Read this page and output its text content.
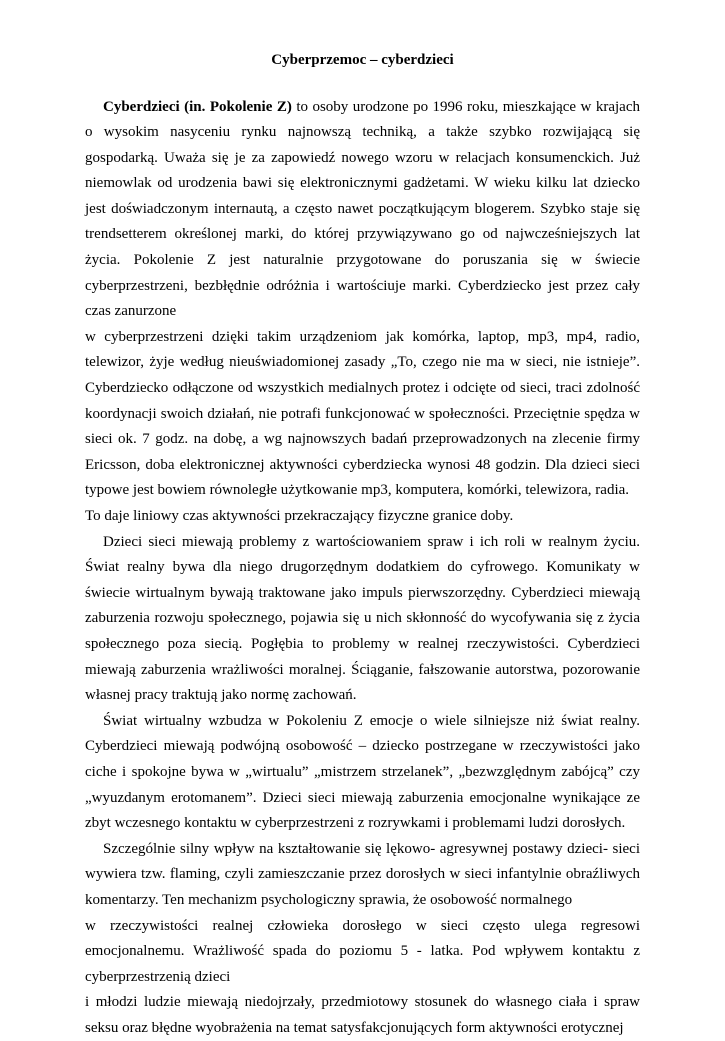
Cyberprzemoc – cyberdzieci

Cyberdzieci (in. Pokolenie Z) to osoby urodzone po 1996 roku, mieszkające w krajach o wysokim nasyceniu rynku najnowszą techniką, a także szybko rozwijającą się gospodarką. Uważa się je za zapowiedź nowego wzoru w relacjach konsumenckich. Już niemowlak od urodzenia bawi się elektronicznymi gadżetami. W wieku kilku lat dziecko jest doświadczonym internautą, a często nawet początkującym blogerem. Szybko staje się trendsetterem określonej marki, do której przywiązywano go od najwcześniejszych lat życia. Pokolenie Z jest naturalnie przygotowane do poruszania się w świecie cyberprzestrzeni, bezbłędnie odróżnia i wartościuje marki. Cyberdziecko jest przez cały czas zanurzone

w cyberprzestrzeni dzięki takim urządzeniom jak komórka, laptop, mp3, mp4, radio, telewizor, żyje według nieuświadomionej zasady „To, czego nie ma w sieci, nie istnieje”. Cyberdziecko odłączone od wszystkich medialnych protez i odcięte od sieci, traci zdolność koordynacji swoich działań, nie potrafi funkcjonować w społeczności. Przeciętnie spędza w sieci ok. 7 godz. na dobę, a wg najnowszych badań przeprowadzonych na zlecenie firmy Ericsson, doba elektronicznej aktywności cyberdziecka wynosi 48 godzin. Dla dzieci sieci typowe jest bowiem równoległe użytkowanie mp3, komputera, komórki, telewizora, radia.

To daje liniowy czas aktywności przekraczający fizyczne granice doby.

Dzieci sieci miewają problemy z wartościowaniem spraw i ich roli w realnym życiu. Świat realny bywa dla niego drugorzędnym dodatkiem do cyfrowego. Komunikaty w świecie wirtualnym bywają traktowane jako impuls pierwszorzędny. Cyberdzieci miewają zaburzenia rozwoju społecznego, pojawia się u nich skłonność do wycofywania się z życia społecznego poza siecią. Pogłębia to problemy w realnej rzeczywistości. Cyberdzieci miewają zaburzenia wrażliwości moralnej. Ściąganie, fałszowanie autorstwa, pozorowanie własnej pracy traktują jako normę zachowań.

Świat wirtualny wzbudza w Pokoleniu Z emocje o wiele silniejsze niż świat realny. Cyberdzieci miewają podwójną osobowość – dziecko postrzegane w rzeczywistości jako ciche i spokojne bywa w „wirtualu” „mistrzem strzelanek”, „bezwzględnym zabójcą” czy „wyuzdanym erotomanem”. Dzieci sieci miewają zaburzenia emocjonalne wynikające ze zbyt wczesnego kontaktu w cyberprzestrzeni z rozrywkami i problemami ludzi dorosłych.

Szczególnie silny wpływ na kształtowanie się lękowo- agresywnej postawy dzieci- sieci wywiera tzw. flaming, czyli zamieszczanie przez dorosłych w sieci infantylnie obraźliwych komentarzy. Ten mechanizm psychologiczny sprawia, że osobowość normalnego

w rzeczywistości realnej człowieka dorosłego w sieci często ulega regresowi emocjonalnemu. Wrażliwość spada do poziomu 5 - latka. Pod wpływem kontaktu z cyberprzestrzenią dzieci

i młodzi ludzie miewają niedojrzały, przedmiotowy stosunek do własnego ciała i spraw seksu oraz błędne wyobrażenia na temat satysfakcjonujących form aktywności erotycznej
